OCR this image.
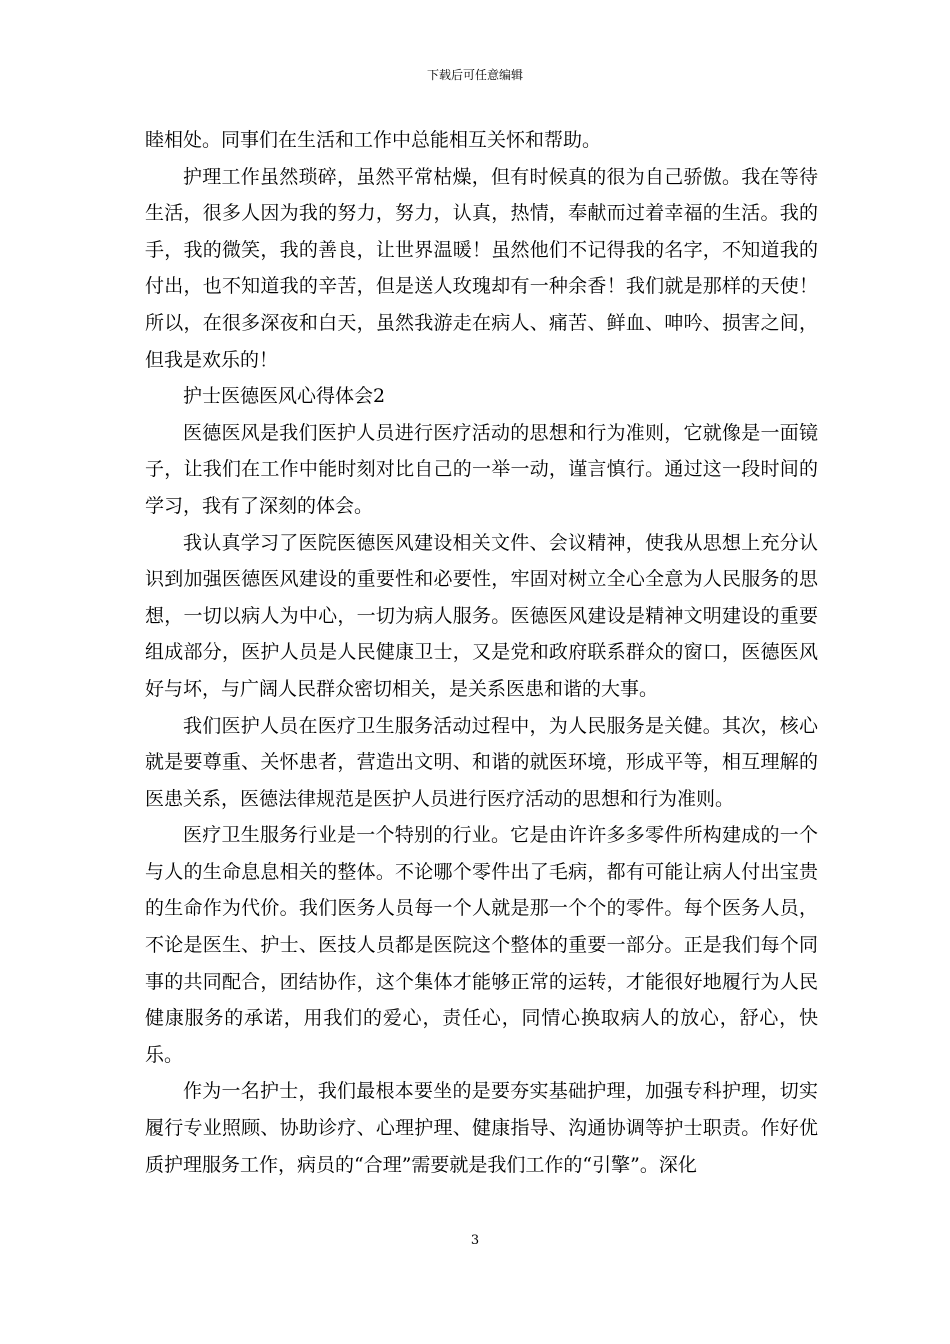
下载后可任意编辑

睦相处。同事们在生活和工作中总能相互关怀和帮助。

护理工作虽然琐碎，虽然平常枯燥，但有时候真的很为自己骄傲。我在等待生活，很多人因为我的努力，努力，认真，热情，奉献而过着幸福的生活。我的手，我的微笑，我的善良，让世界温暖！虽然他们不记得我的名字，不知道我的付出，也不知道我的辛苦，但是送人玫瑰却有一种余香！我们就是那样的天使！所以，在很多深夜和白天，虽然我游走在病人、痛苦、鲜血、呻吟、损害之间，但我是欢乐的！

护士医德医风心得体会2

医德医风是我们医护人员进行医疗活动的思想和行为准则，它就像是一面镜子，让我们在工作中能时刻对比自己的一举一动，谨言慎行。通过这一段时间的学习，我有了深刻的体会。

我认真学习了医院医德医风建设相关文件、会议精神，使我从思想上充分认识到加强医德医风建设的重要性和必要性，牢固对树立全心全意为人民服务的思想，一切以病人为中心，一切为病人服务。医德医风建设是精神文明建设的重要组成部分，医护人员是人民健康卫士，又是党和政府联系群众的窗口，医德医风好与坏，与广阔人民群众密切相关，是关系医患和谐的大事。

我们医护人员在医疗卫生服务活动过程中，为人民服务是关健。其次，核心就是要尊重、关怀患者，营造出文明、和谐的就医环境，形成平等，相互理解的医患关系，医德法律规范是医护人员进行医疗活动的思想和行为准则。

医疗卫生服务行业是一个特别的行业。它是由许许多多零件所构建成的一个与人的生命息息相关的整体。不论哪个零件出了毛病，都有可能让病人付出宝贵的生命作为代价。我们医务人员每一个人就是那一个个的零件。每个医务人员，不论是医生、护士、医技人员都是医院这个整体的重要一部分。正是我们每个同事的共同配合，团结协作，这个集体才能够正常的运转，才能很好地履行为人民健康服务的承诺，用我们的爱心，责任心，同情心换取病人的放心，舒心，快乐。

作为一名护士，我们最根本要坐的是要夯实基础护理，加强专科护理，切实履行专业照顾、协助诊疗、心理护理、健康指导、沟通协调等护士职责。作好优质护理服务工作，病员的“合理”需要就是我们工作的“引擎”。深化

3
